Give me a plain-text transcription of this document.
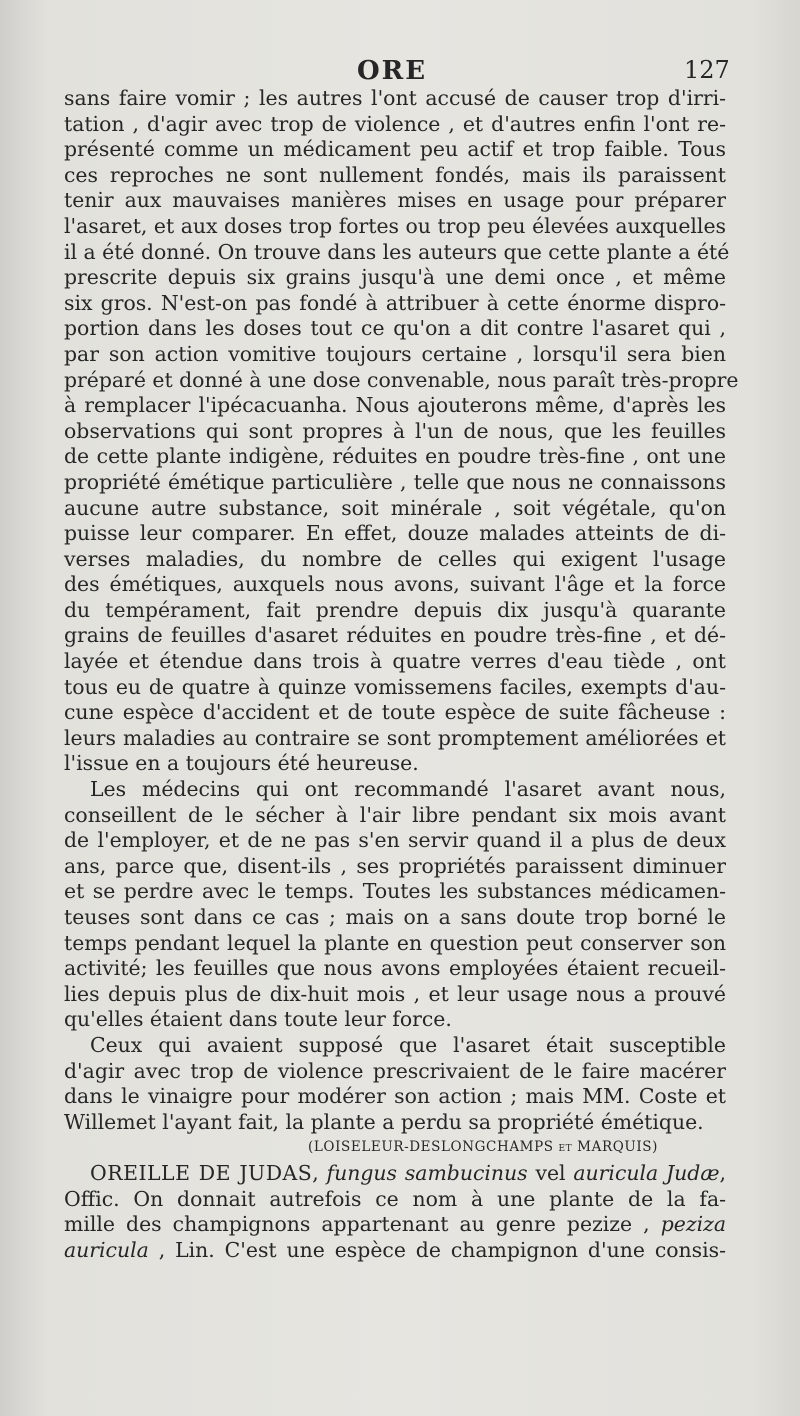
ORE	127
sans faire vomir ; les autres l'ont accusé de causer trop d'irri-
tation , d'agir avec trop de violence , et d'autres enfin l'ont re-
présenté comme un médicament peu actif et trop faible. Tous
ces reproches ne sont nullement fondés, mais ils paraissent
tenir aux mauvaises manières mises en usage pour préparer
l'asaret, et aux doses trop fortes ou trop peu élevées auxquelles
il a été donné. On trouve dans les auteurs que cette plante a été
prescrite depuis six grains jusqu'à une demi once , et même
six gros. N'est-on pas fondé à attribuer à cette énorme dispro-
portion dans les doses tout ce qu'on a dit contre l'asaret qui ,
par son action vomitive toujours certaine , lorsqu'il sera bien
préparé et donné à une dose convenable, nous paraît très-propre
à remplacer l'ipécacuanha. Nous ajouterons même, d'après les
observations qui sont propres à l'un de nous, que les feuilles
de cette plante indigène, réduites en poudre très-fine , ont une
propriété émétique particulière , telle que nous ne connaissons
aucune autre substance, soit minérale , soit végétale, qu'on
puisse leur comparer. En effet, douze malades atteints de di-
verses maladies, du nombre de celles qui exigent l'usage
des émétiques, auxquels nous avons, suivant l'âge et la force
du tempérament, fait prendre depuis dix jusqu'à quarante
grains de feuilles d'asaret réduites en poudre très-fine , et dé-
layée et étendue dans trois à quatre verres d'eau tiède , ont
tous eu de quatre à quinze vomissemens faciles, exempts d'au-
cune espèce d'accident et de toute espèce de suite fâcheuse :
leurs maladies au contraire se sont promptement améliorées et
l'issue en a toujours été heureuse.
Les médecins qui ont recommandé l'asaret avant nous,
conseillent de le sécher à l'air libre pendant six mois avant
de l'employer, et de ne pas s'en servir quand il a plus de deux
ans, parce que, disent-ils , ses propriétés paraissent diminuer
et se perdre avec le temps. Toutes les substances médicamen-
teuses sont dans ce cas ; mais on a sans doute trop borné le
temps pendant lequel la plante en question peut conserver son
activité; les feuilles que nous avons employées étaient recueil-
lies depuis plus de dix-huit mois , et leur usage nous a prouvé
qu'elles étaient dans toute leur force.
Ceux qui avaient supposé que l'asaret était susceptible
d'agir avec trop de violence prescrivaient de le faire macérer
dans le vinaigre pour modérer son action ; mais MM. Coste et
Willemet l'ayant fait, la plante a perdu sa propriété émétique.
(LOISELEUR-DESLONGCHAMPS et MARQUIS)
OREILLE DE JUDAS, fungus sambucinus vel auricula Judæ,
Offic. On donnait autrefois ce nom à une plante de la fa-
mille des champignons appartenant au genre pezize , peziza
auricula , Lin. C'est une espèce de champignon d'une consis-
